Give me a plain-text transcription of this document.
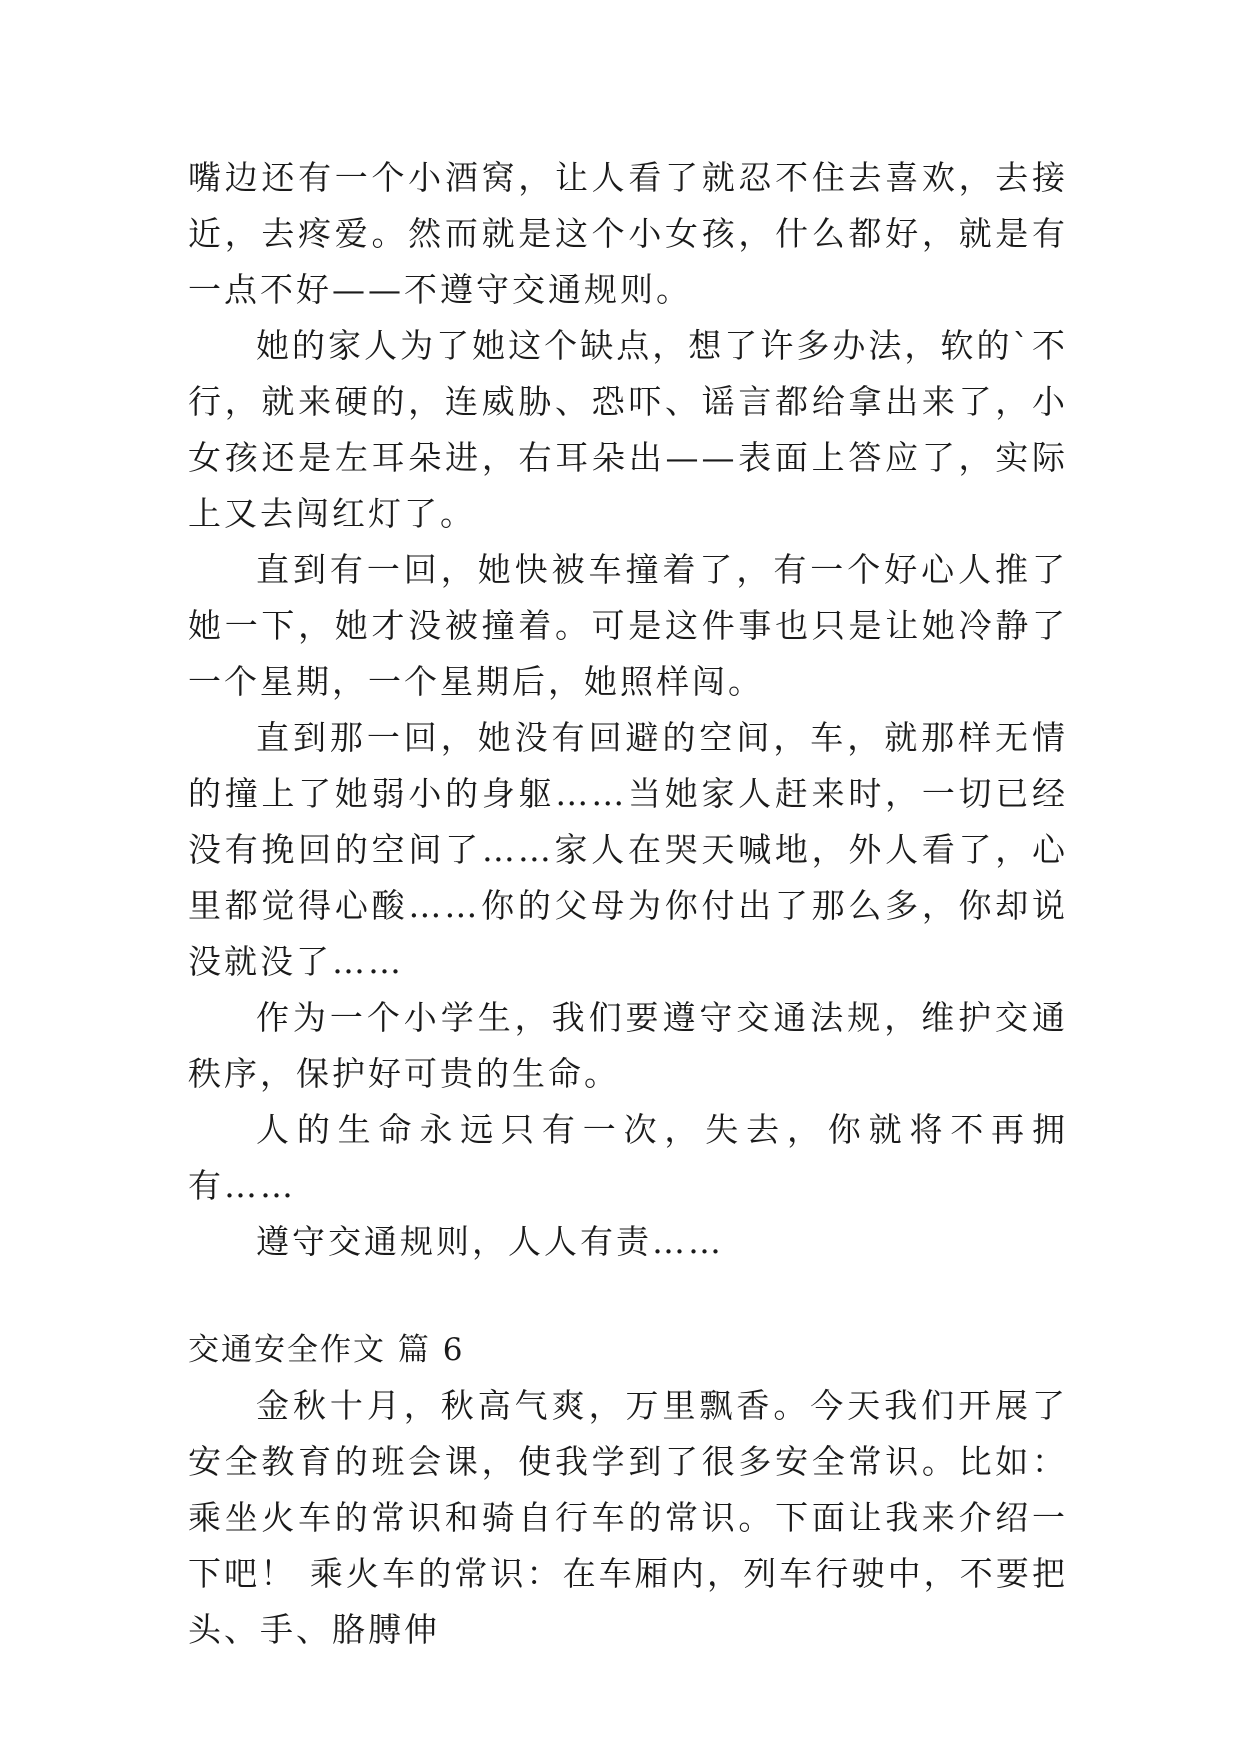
嘴边还有一个小酒窝，让人看了就忍不住去喜欢，去接近，去疼爱。然而就是这个小女孩，什么都好，就是有一点不好——不遵守交通规则。

她的家人为了她这个缺点，想了许多办法，软的`不行，就来硬的，连威胁、恐吓、谣言都给拿出来了，小女孩还是左耳朵进，右耳朵出——表面上答应了，实际上又去闯红灯了。

直到有一回，她快被车撞着了，有一个好心人推了她一下，她才没被撞着。可是这件事也只是让她冷静了一个星期，一个星期后，她照样闯。

直到那一回，她没有回避的空间，车，就那样无情的撞上了她弱小的身躯……当她家人赶来时，一切已经没有挽回的空间了……家人在哭天喊地，外人看了，心里都觉得心酸……你的父母为你付出了那么多，你却说没就没了……

作为一个小学生，我们要遵守交通法规，维护交通秩序，保护好可贵的生命。

人的生命永远只有一次，失去，你就将不再拥有……

遵守交通规则，人人有责……

交通安全作文 篇 6

金秋十月，秋高气爽，万里飘香。今天我们开展了安全教育的班会课，使我学到了很多安全常识。比如：乘坐火车的常识和骑自行车的常识。下面让我来介绍一下吧！ 乘火车的常识：在车厢内，列车行驶中，不要把头、手、胳膊伸
